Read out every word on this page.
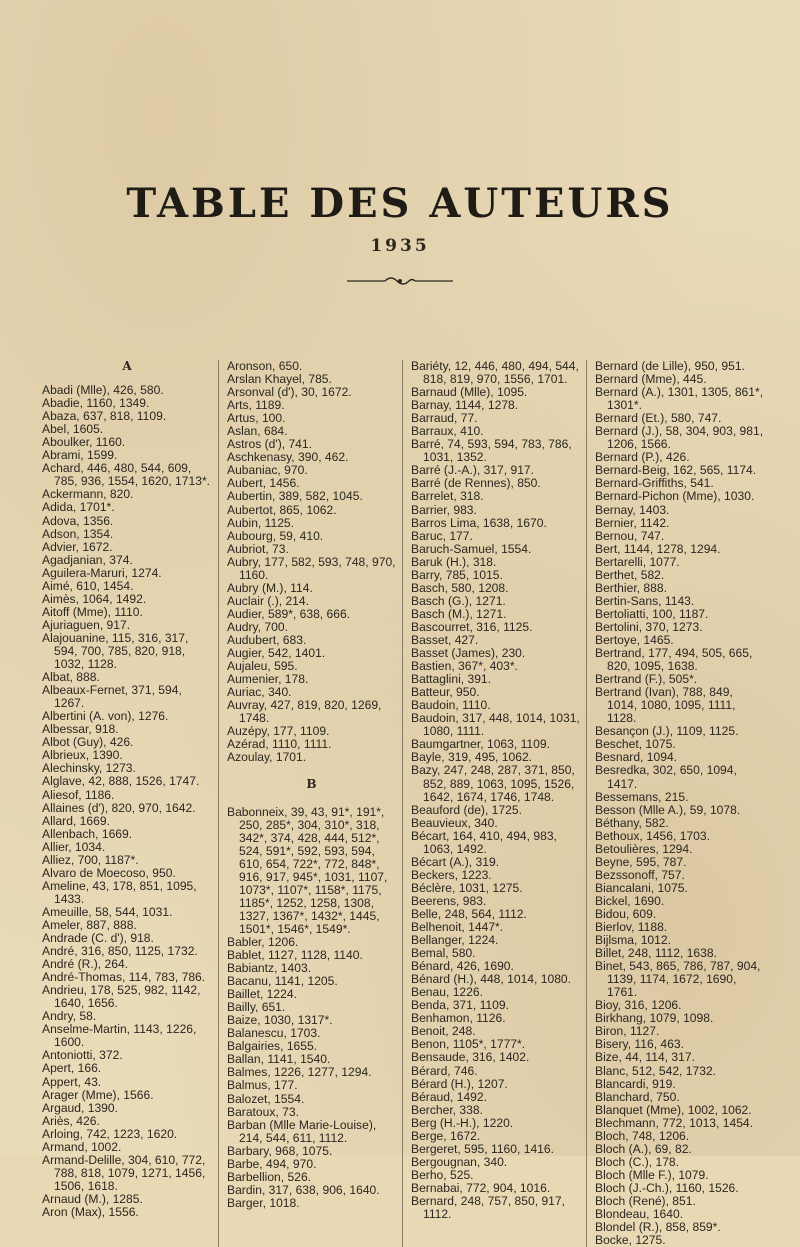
TABLE DES AUTEURS
1935
A
Abadi (Mlle), 426, 580.
Abadie, 1160, 1349.
Abaza, 637, 818, 1109.
Abel, 1605.
Aboulker, 1160.
Abrami, 1599.
Achard, 446, 480, 544, 609, 785, 936, 1554, 1620, 1713*.
Ackermann, 820.
Adida, 1701*.
Adova, 1356.
Adson, 1354.
Advier, 1672.
Agadjanian, 374.
Aguilera-Maruri, 1274.
Aimé, 610, 1454.
Aimès, 1064, 1492.
Aitoff (Mme), 1110.
Ajuriaguen, 917.
Alajouanine, 115, 316, 317, 594, 700, 785, 820, 918, 1032, 1128.
Albat, 888.
Albeaux-Fernet, 371, 594, 1267.
Albertini (A. von), 1276.
Albessar, 918.
Albot (Guy), 426.
Albrieux, 1390.
Alechinsky, 1273.
Alglave, 42, 888, 1526, 1747.
Aliesof, 1186.
Allaines (d'), 820, 970, 1642.
Allard, 1669.
Allenbach, 1669.
Allier, 1034.
Alliez, 700, 1187*.
Alvaro de Moecoso, 950.
Ameline, 43, 178, 851, 1095, 1433.
Ameuille, 58, 544, 1031.
Ameler, 887, 888.
Andrade (C. d'), 918.
André, 316, 850, 1125, 1732.
André (R.), 264.
André-Thomas, 114, 783, 786.
Andrieu, 178, 525, 982, 1142, 1640, 1656.
Andry, 58.
Anselme-Martin, 1143, 1226, 1600.
Antoniotti, 372.
Apert, 166.
Appert, 43.
Arager (Mme), 1566.
Argaud, 1390.
Ariès, 426.
Arloing, 742, 1223, 1620.
Armand, 1002.
Armand-Delille, 304, 610, 772, 788, 818, 1079, 1271, 1456, 1506, 1618.
Arnaud (M.), 1285.
Aron (Max), 1556.
Aronson, 650.
Arslan Khayel, 785.
Arsonval (d'), 30, 1672.
Arts, 1189.
Artus, 100.
Aslan, 684.
Astros (d'), 741.
Aschkenasy, 390, 462.
Aubaniac, 970.
Aubert, 1456.
Aubertin, 389, 582, 1045.
Aubertot, 865, 1062.
Aubin, 1125.
Aubourg, 59, 410.
Aubriot, 73.
Aubry, 177, 582, 593, 748, 970, 1160.
Aubry (M.), 114.
Auclair (.), 214.
Audier, 589*, 638, 666.
Audry, 700.
Audubert, 683.
Augier, 542, 1401.
Aujaleu, 595.
Aumenier, 178.
Auriac, 340.
Auvray, 427, 819, 820, 1269, 1748.
Auzépy, 177, 1109.
Azérad, 1110, 1111.
Azoulay, 1701.
B
Babonneix, 39, 43, 91*, 191*, 250, 285*, 304, 310*, 318, 342*, 374, 428, 444, 512*, 524, 591*, 592, 593, 594, 610, 654, 722*, 772, 848*, 916, 917, 945*, 1031, 1107, 1073*, 1107*, 1158*, 1175, 1185*, 1252, 1258, 1308, 1327, 1367*, 1432*, 1445, 1501*, 1546*, 1549*.
Babler, 1206.
Bablet, 1127, 1128, 1140.
Babiantz, 1403.
Bacanu, 1141, 1205.
Baillet, 1224.
Bailly, 651.
Baize, 1030, 1317*.
Balanescu, 1703.
Balgairies, 1655.
Ballan, 1141, 1540.
Balmes, 1226, 1277, 1294.
Balmus, 177.
Balozet, 1554.
Baratoux, 73.
Barban (Mlle Marie-Louise), 214, 544, 611, 1112.
Barbary, 968, 1075.
Barbe, 494, 970.
Barbellion, 526.
Bardin, 317, 638, 906, 1640.
Barger, 1018.
Bariéty, 12, 446, 480, 494, 544, 818, 819, 970, 1556, 1701.
Barnaud (Mlle), 1095.
Barnay, 1144, 1278.
Barraud, 77.
Barraux, 410.
Barré, 74, 593, 594, 783, 786, 1031, 1352.
Barré (J.-A.), 317, 917.
Barré (de Rennes), 850.
Barrelet, 318.
Barrier, 983.
Barros Lima, 1638, 1670.
Baruc, 177.
Baruch-Samuel, 1554.
Baruk (H.), 318.
Barry, 785, 1015.
Basch, 580, 1208.
Basch (G.), 1271.
Basch (M.), 1271.
Bascourret, 316, 1125.
Basset, 427.
Basset (James), 230.
Bastien, 367*, 403*.
Battaglini, 391.
Batteur, 950.
Baudoin, 1110.
Baudoin, 317, 448, 1014, 1031, 1080, 1111.
Baumgartner, 1063, 1109.
Bayle, 319, 495, 1062.
Bazy, 247, 248, 287, 371, 850, 852, 889, 1063, 1095, 1526, 1642, 1674, 1746, 1748.
Beauford (de), 1725.
Beauvieux, 340.
Bécart, 164, 410, 494, 983, 1063, 1492.
Bécart (A.), 319.
Beckers, 1223.
Béclère, 1031, 1275.
Beerens, 983.
Belle, 248, 564, 1112.
Belhenoit, 1447*.
Bellanger, 1224.
Bemal, 580.
Bénard, 426, 1690.
Bénard (H.), 448, 1014, 1080.
Benau, 1226.
Benda, 371, 1109.
Benhamon, 1126.
Benoit, 248.
Benon, 1105*, 1777*.
Bensaude, 316, 1402.
Bérard, 746.
Bérard (H.), 1207.
Béraud, 1492.
Bercher, 338.
Berg (H.-H.), 1220.
Berge, 1672.
Bergeret, 595, 1160, 1416.
Bergougnan, 340.
Berho, 525.
Bernabai, 772, 904, 1016.
Bernard, 248, 757, 850, 917, 1112.
Bernard (de Lille), 950, 951.
Bernard (Mme), 445.
Bernard (A.), 1301, 1305, 861*, 1301*.
Bernard (Et.), 580, 747.
Bernard (J.), 58, 304, 903, 981, 1206, 1566.
Bernard (P.), 426.
Bernard-Beig, 162, 565, 1174.
Bernard-Griffiths, 541.
Bernard-Pichon (Mme), 1030.
Bernay, 1403.
Bernier, 1142.
Bernou, 747.
Bert, 1144, 1278, 1294.
Bertarelli, 1077.
Berthet, 582.
Berthier, 888.
Bertin-Sans, 1143.
Bertoliatti, 100, 1187.
Bertolini, 370, 1273.
Bertoye, 1465.
Bertrand, 177, 494, 505, 665, 820, 1095, 1638.
Bertrand (F.), 505*.
Bertrand (Ivan), 788, 849, 1014, 1080, 1095, 1111, 1128.
Besançon (J.), 1109, 1125.
Beschet, 1075.
Besnard, 1094.
Besredka, 302, 650, 1094, 1417.
Bessemans, 215.
Besson (Mlle A.), 59, 1078.
Béthany, 582.
Bethoux, 1456, 1703.
Betoulières, 1294.
Beyne, 595, 787.
Bezssonoff, 757.
Biancalani, 1075.
Bickel, 1690.
Bidou, 609.
Bierlov, 1188.
Bijlsma, 1012.
Billet, 248, 1112, 1638.
Binet, 543, 865, 786, 787, 904, 1139, 1174, 1672, 1690, 1761.
Bioy, 316, 1206.
Birkhang, 1079, 1098.
Biron, 1127.
Bisery, 116, 463.
Bize, 44, 114, 317.
Blanc, 512, 542, 1732.
Blancardi, 919.
Blanchard, 750.
Blanquet (Mme), 1002, 1062.
Blechmann, 772, 1013, 1454.
Bloch, 748, 1206.
Bloch (A.), 69, 82.
Bloch (C.), 178.
Bloch (Mlle F.), 1079.
Bloch (J.-Ch.), 1160, 1526.
Bloch (René), 851.
Blondeau, 1640.
Blondel (R.), 858, 859*.
Bocke, 1275.
